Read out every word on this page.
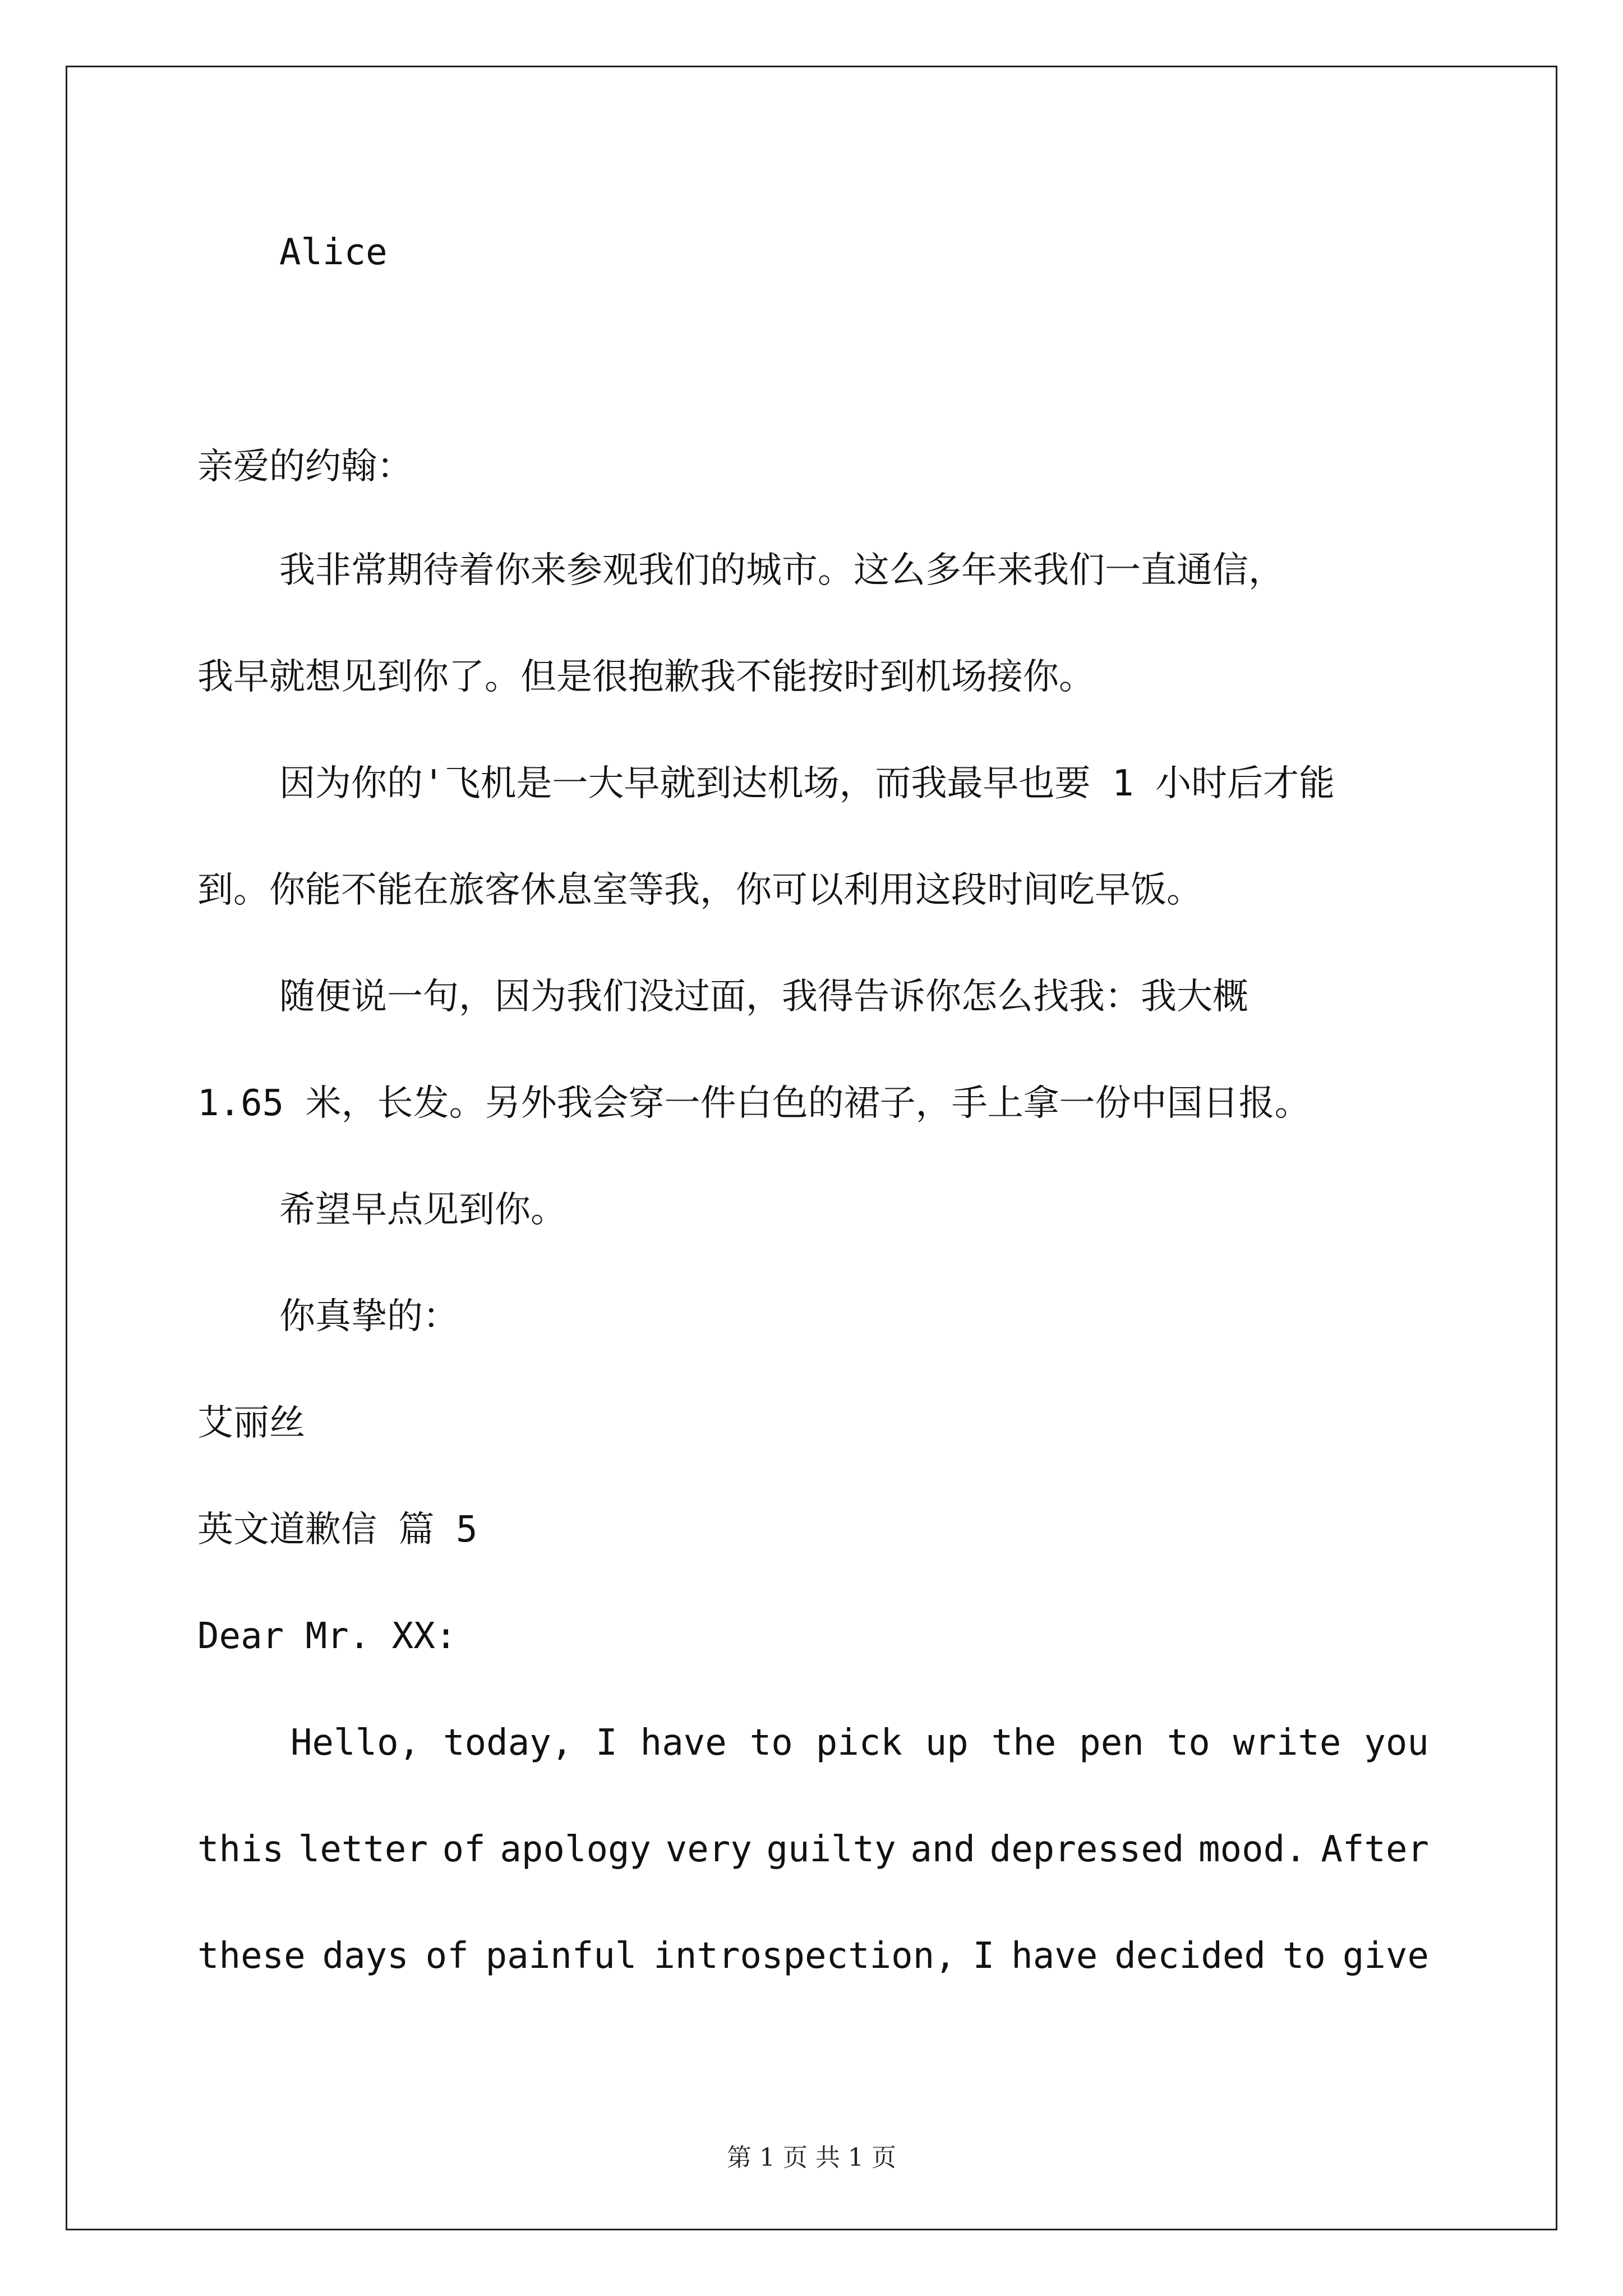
Alice
亲爱的约翰：
我非常期待着你来参观我们的城市。这么多年来我们一直通信，
我早就想见到你了。但是很抱歉我不能按时到机场接你。
因为你的'飞机是一大早就到达机场，而我最早也要 1 小时后才能
到。你能不能在旅客休息室等我，你可以利用这段时间吃早饭。
随便说一句，因为我们没过面，我得告诉你怎么找我：我大概
1.65 米，长发。另外我会穿一件白色的裙子，手上拿一份中国日报。
希望早点见到你。
你真挚的：
艾丽丝
英文道歉信 篇 5
Dear Mr. XX:
Hello, today, I have to pick up the pen to write you
this letter of apology very guilty and depressed mood. After
these days of painful introspection, I have decided to give
第 1 页 共 1 页
